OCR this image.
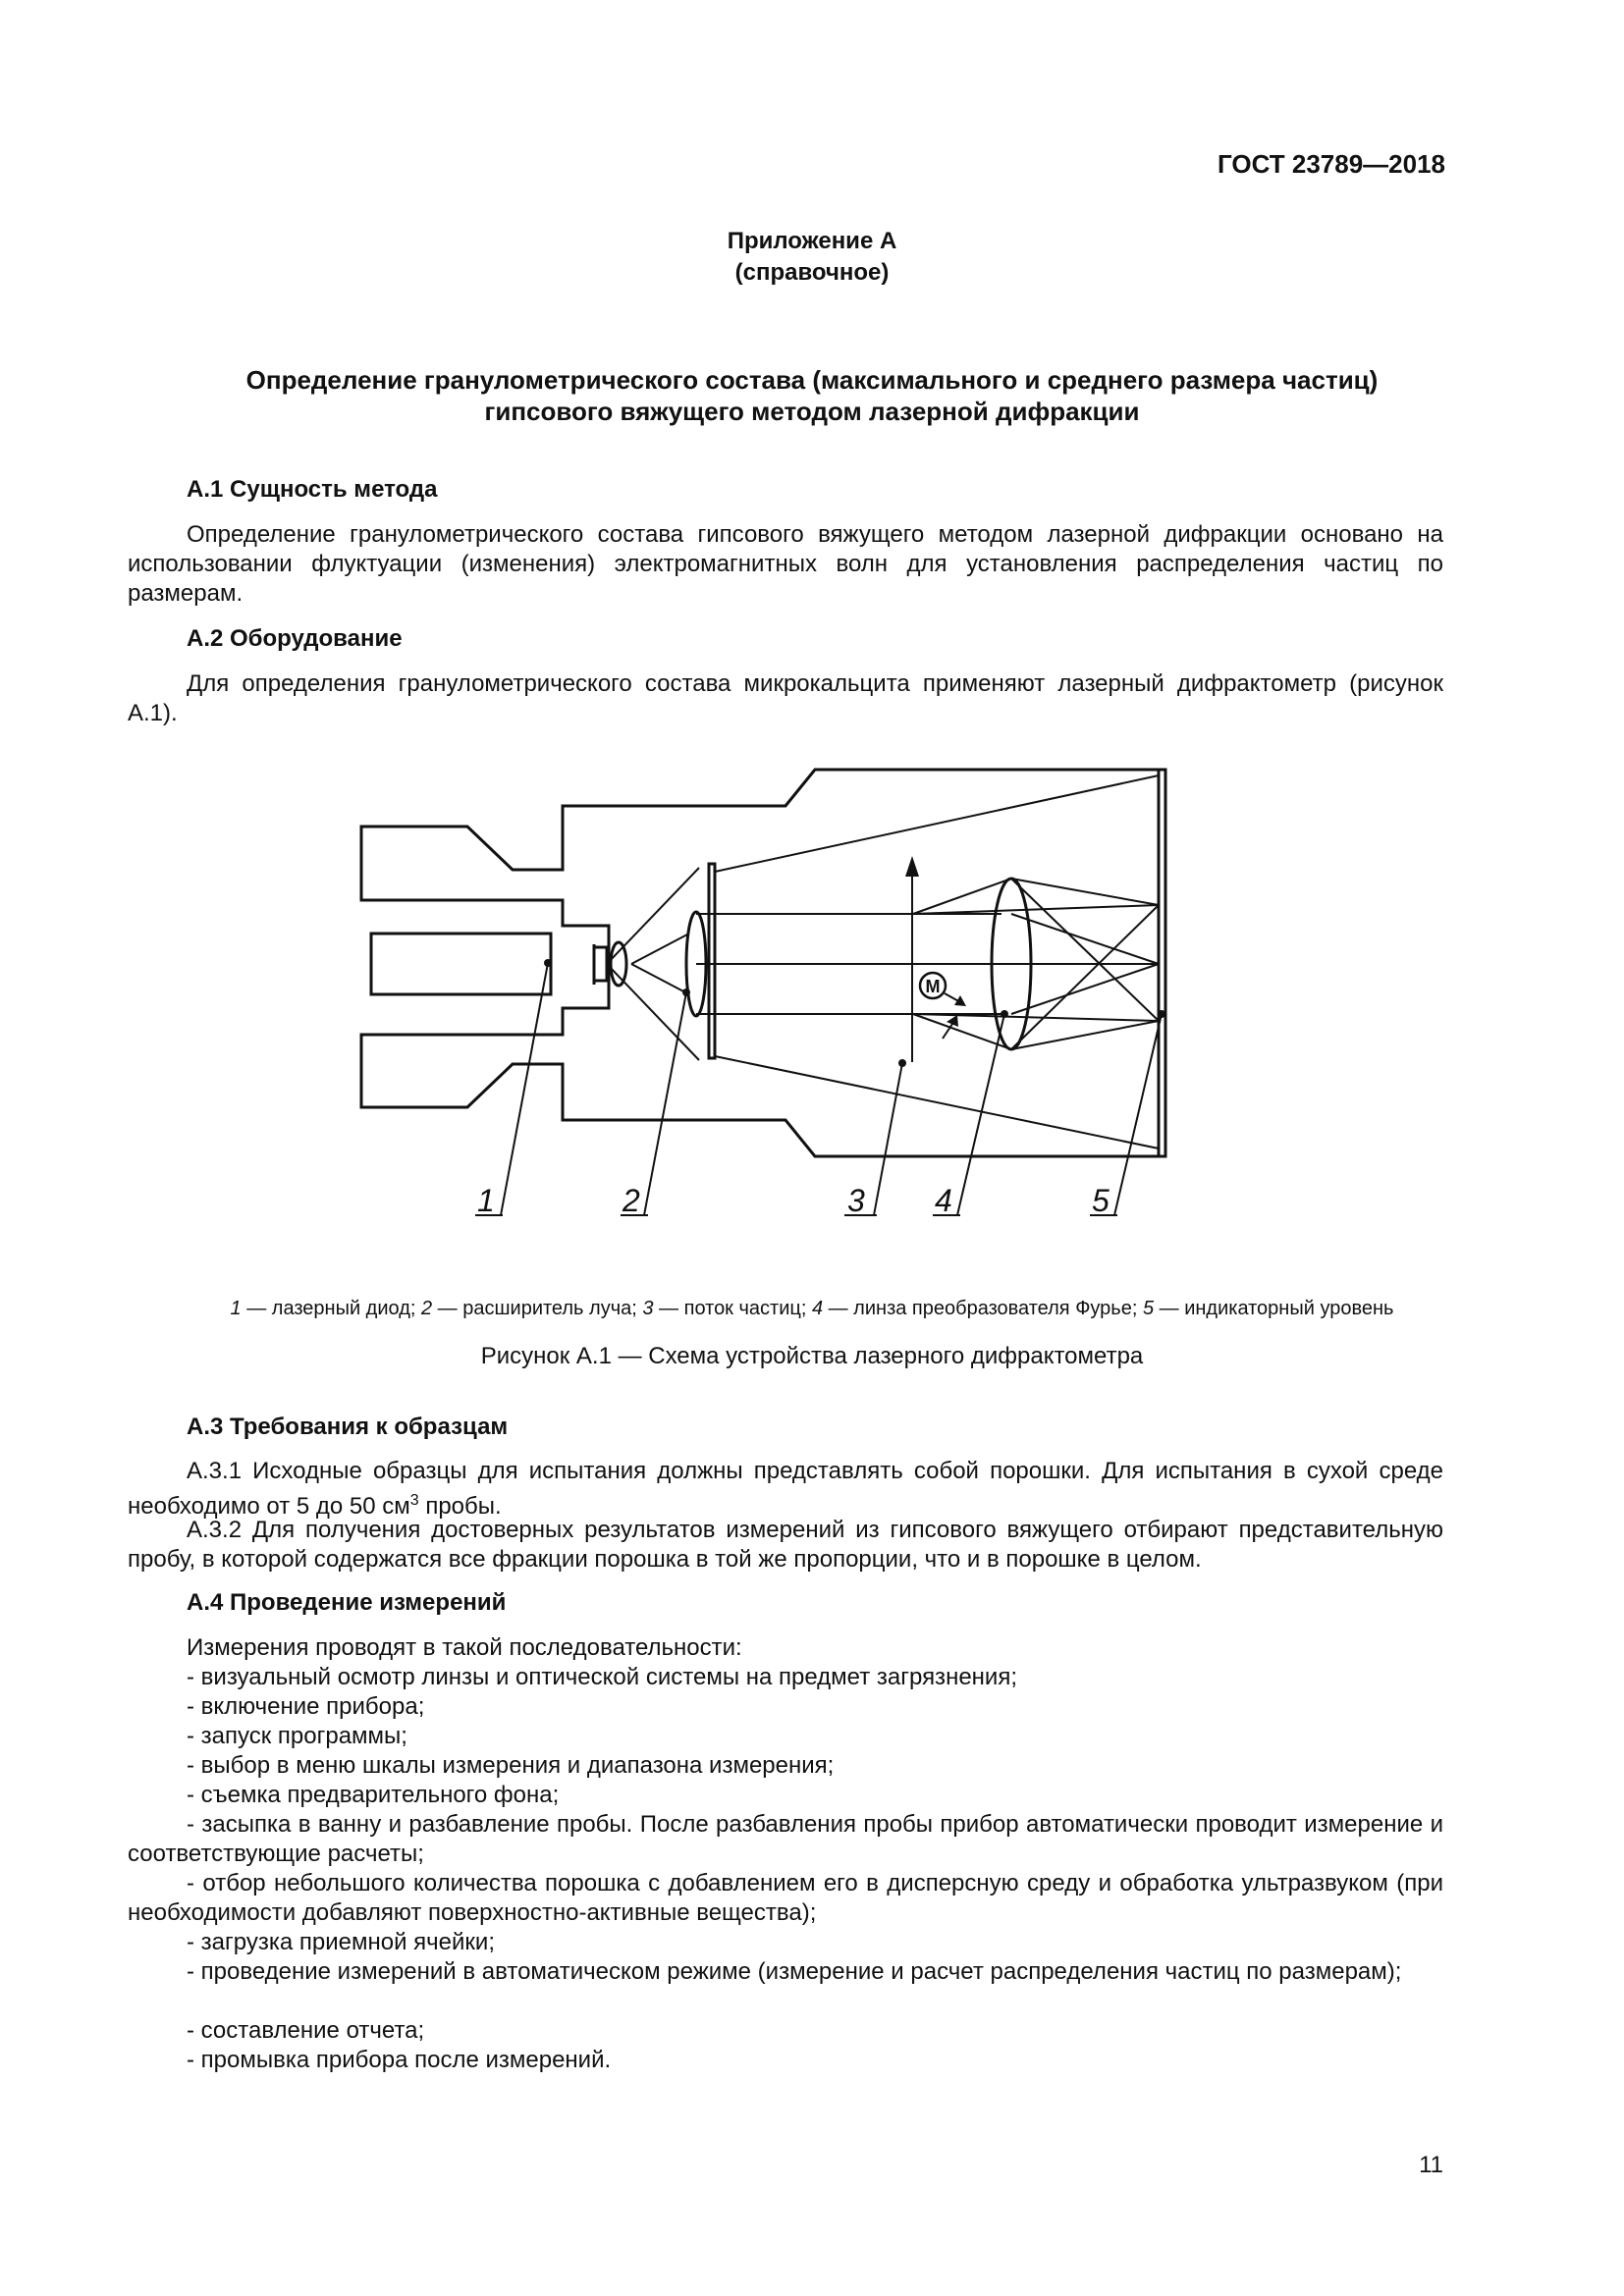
ГОСТ 23789—2018
Приложение А
(справочное)
Определение гранулометрического состава (максимального и среднего размера частиц)
гипсового вяжущего методом лазерной дифракции
А.1 Сущность метода
Определение гранулометрического состава гипсового вяжущего методом лазерной дифракции основано на использовании флуктуации (изменения) электромагнитных волн для установления распределения частиц по размерам.
А.2 Оборудование
Для определения гранулометрического состава микрокальцита применяют лазерный дифрактометр (рисунок А.1).
M
1	2	3 4	5
1 — лазерный диод; 2 — расширитель луча; 3 — поток частиц; 4 — линза преобразователя Фурье; 5 — индикаторный уровень
Рисунок А.1 — Схема устройства лазерного дифрактометра
А.3 Требования к образцам
А.3.1 Исходные образцы для испытания должны представлять собой порошки. Для испытания в сухой среде необходимо от 5 до 50 $см^3$ пробы.
А.3.2 Для получения достоверных результатов измерений из гипсового вяжущего отбирают представительную пробу, в которой содержатся все фракции порошка в той же пропорции, что и в порошке в целом.
А.4 Проведение измерений
Измерения проводят в такой последовательности:
- визуальный осмотр линзы и оптической системы на предмет загрязнения;
- включение прибора;
- запуск программы;
- выбор в меню шкалы измерения и диапазона измерения;
- съемка предварительного фона;
- засыпка в ванну и разбавление пробы. После разбавления пробы прибор автоматически проводит измерение и соответствующие расчеты;
- отбор небольшого количества порошка с добавлением его в дисперсную среду и обработка ультразвуком (при необходимости добавляют поверхностно-активные вещества);
- загрузка приемной ячейки;
- проведение измерений в автоматическом режиме (измерение и расчет распределения частиц по размерам);
- составление отчета;
- промывка прибора после измерений.
11
